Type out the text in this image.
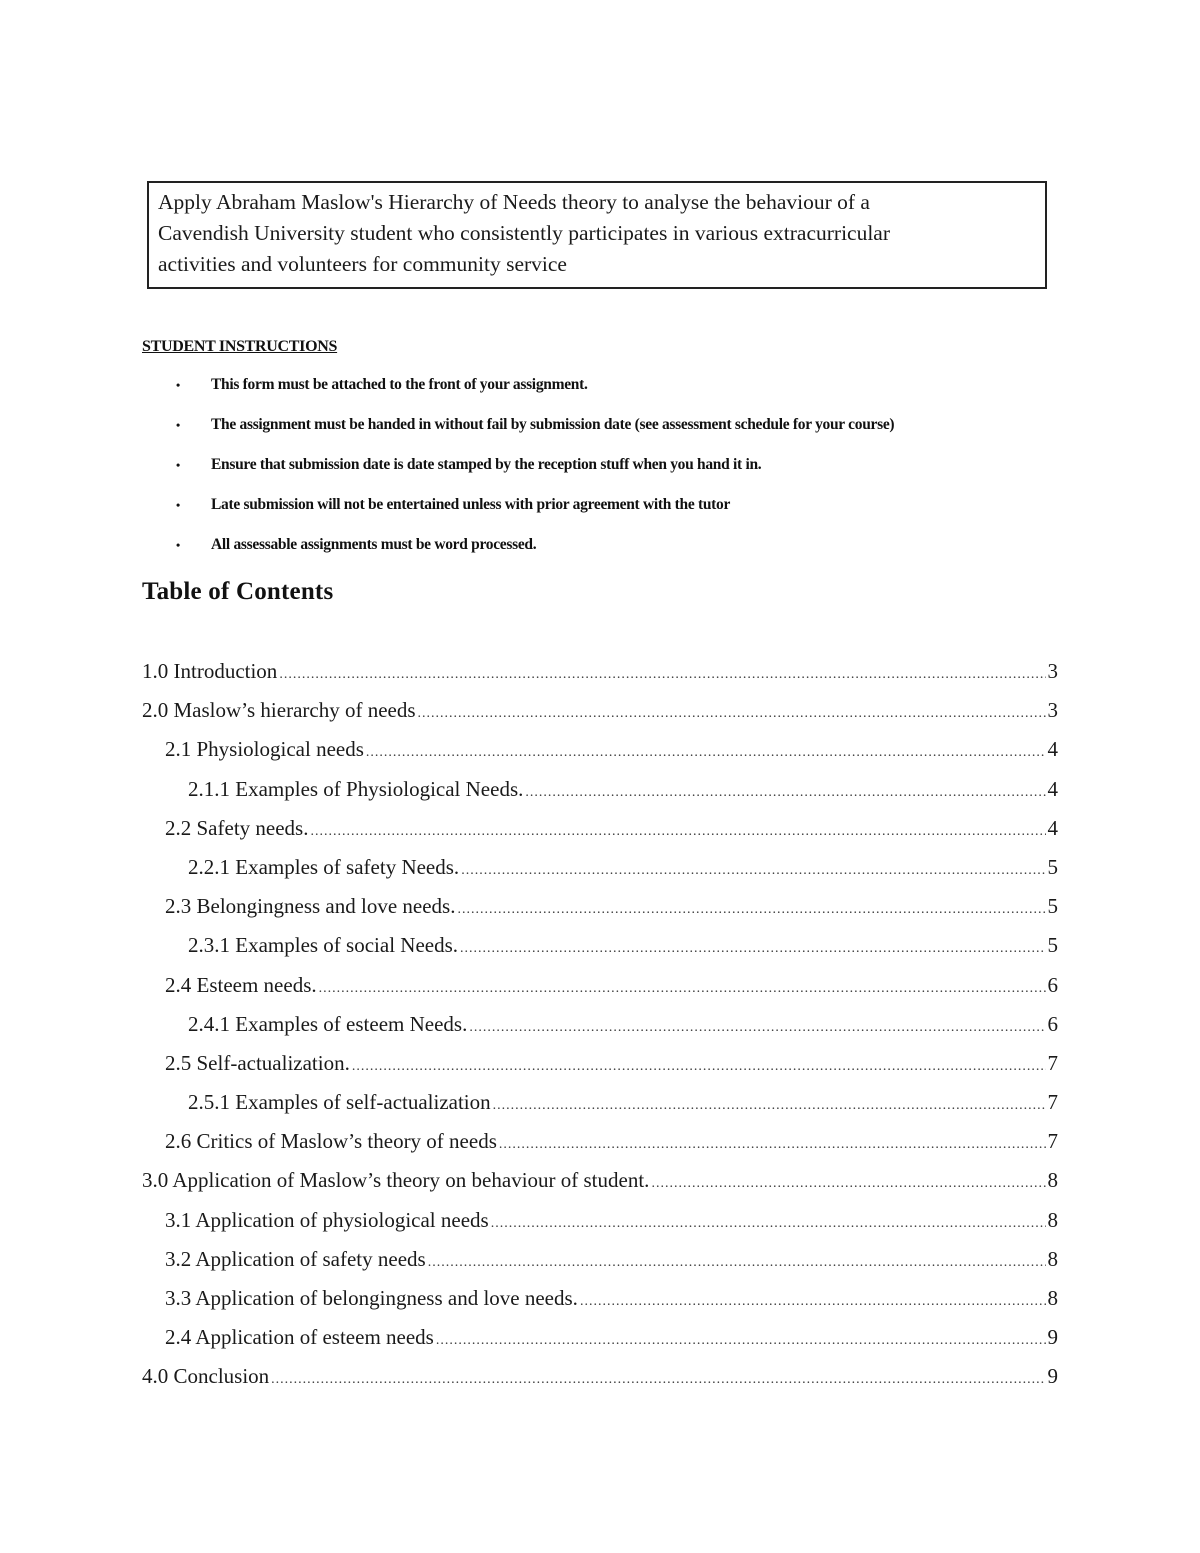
Apply Abraham Maslow's Hierarchy of Needs theory to analyse the behaviour of a
Cavendish University student who consistently participates in various extracurricular
activities and volunteers for community service
STUDENT INSTRUCTIONS
• This form must be attached to the front of your assignment.
• The assignment must be handed in without fail by submission date (see assessment schedule for your course)
• Ensure that submission date is date stamped by the reception stuff when you hand it in.
• Late submission will not be entertained unless with prior agreement with the tutor
• All assessable assignments must be word processed.
Table of Contents
1.0 Introduction .....	3
2.0 Maslow’s hierarchy of needs .....	3
2.1 Physiological needs .....	4
2.1.1 Examples of Physiological Needs. .....	4
2.2 Safety needs. .....	4
2.2.1 Examples of safety Needs. .....	5
2.3 Belongingness and love needs. .....	5
2.3.1 Examples of social Needs. .....	5
2.4 Esteem needs. .....	6
2.4.1 Examples of esteem Needs. .....	6
2.5 Self-actualization. .....	7
2.5.1 Examples of self-actualization .....	7
2.6 Critics of Maslow’s theory of needs .....	7
3.0 Application of Maslow’s theory on behaviour of student. .....	8
3.1 Application of physiological needs .....	8
3.2 Application of safety needs .....	8
3.3 Application of belongingness and love needs. .....	8
2.4 Application of esteem needs .....	9
4.0 Conclusion .....	9
